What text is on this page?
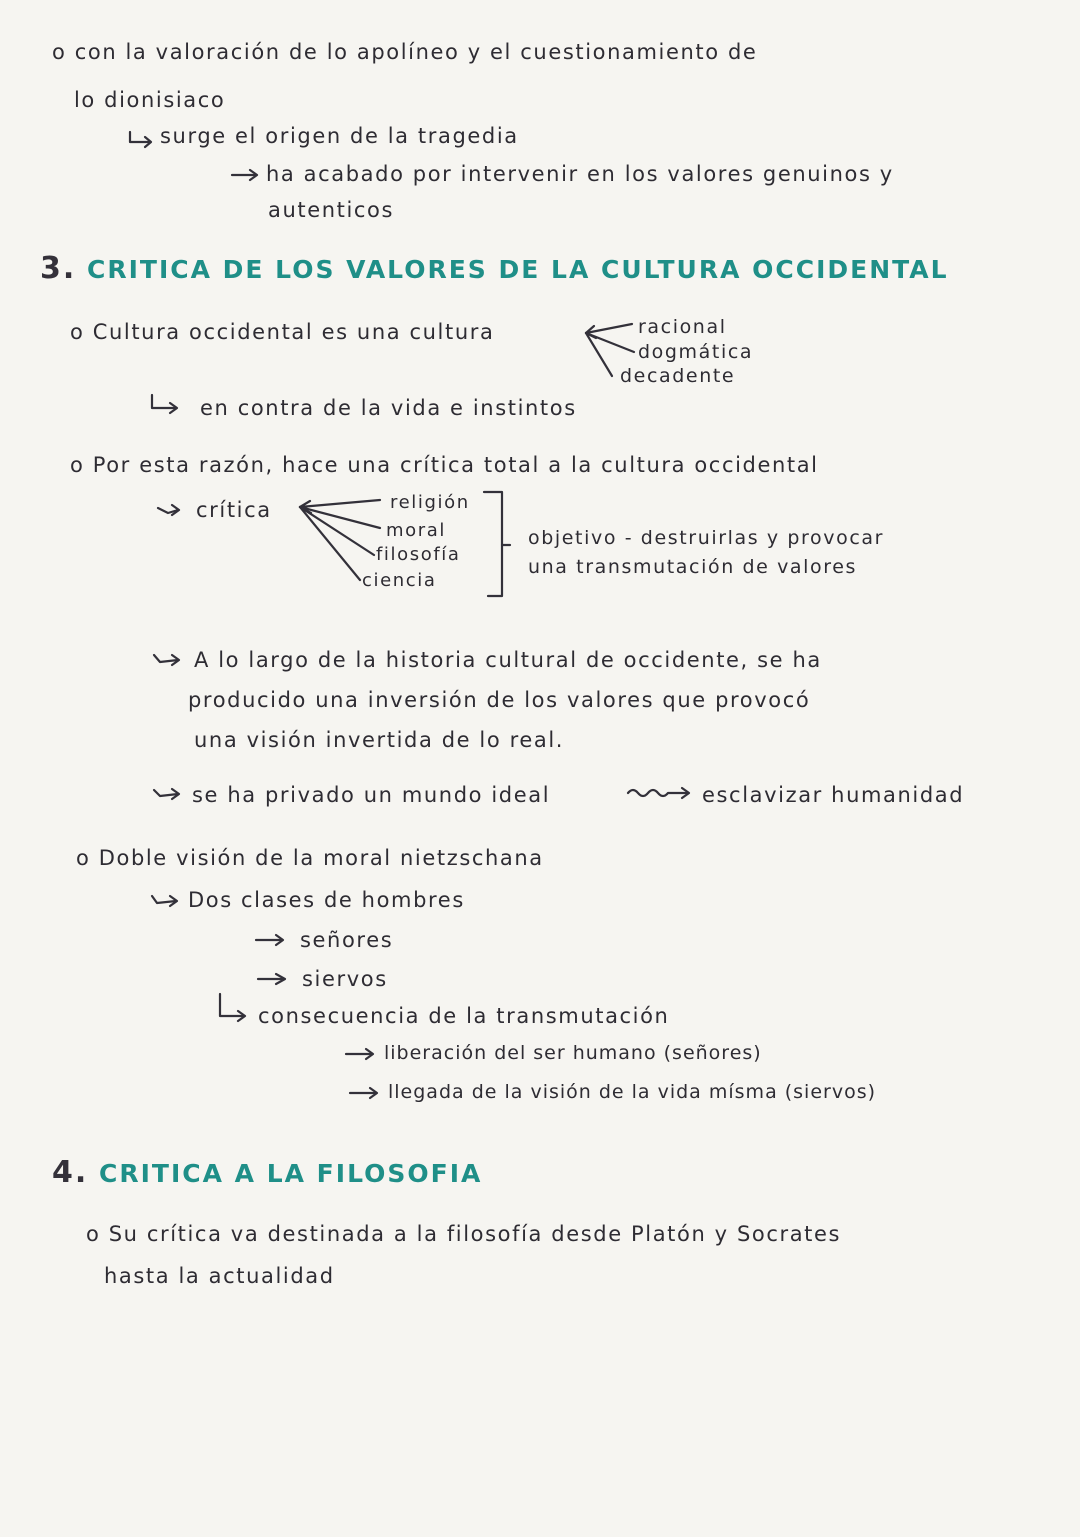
⠀
o con la valoración de lo apolíneo y el cuestionamiento de
lo dionisiaco
surge el origen de la tragedia
ha acabado por intervenir en los valores genuinos y
autenticos
3. CRITICA DE LOS VALORES DE LA CULTURA OCCIDENTAL
o Cultura occidental es una cultura	racional
dogmática
decadente
en contra de la vida e instintos
o Por esta razón, hace una crítica total a la cultura occidental
crítica	religión
moral
filosofía
ciencia
objetivo - destruirlas y provocar
una transmutación de valores
A lo largo de la historia cultural de occidente, se ha
producido una inversión de los valores que provocó
una visión invertida de lo real.
se ha privado un mundo ideal	esclavizar humanidad
o Doble visión de la moral nietzschana
Dos clases de hombres
señores
siervos
consecuencia de la transmutación
liberación del ser humano (señores)
llegada de la visión de la vida mísma (siervos)
4. CRITICA A LA FILOSOFIA
o Su crítica va destinada a la filosofía desde Platón y Socrates
hasta la actualidad
